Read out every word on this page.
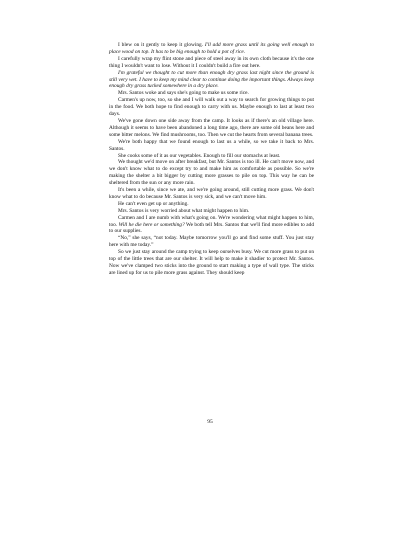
I blew on it gently to keep it glowing. I'll add more grass until its going well enough to place wood on top. It has to be big enough to hold a pot of rice.

I carefully wrap my flint stone and piece of steel away in its own cloth because it's the one thing I wouldn't want to lose. Without it I couldn't build a fire out here.

I'm grateful we thought to cut more than enough dry grass last night since the ground is still very wet. I have to keep my mind clear to continue doing the important things. Always keep enough dry grass tucked somewhere in a dry place.

Mrs. Santos woke and says she's going to make us some rice.

Carmen's up now, too, so she and I will walk out a way to search for growing things to put in the food. We both hope to find enough to carry with us. Maybe enough to last at least two days.

We've gone down one side away from the camp. It looks as if there's an old village here. Although it seems to have been abandoned a long time ago, there are some old beans here and some bitter melons. We find mushrooms, too. Then we cut the hearts from several banana trees.

We're both happy that we found enough to last us a while, so we take it back to Mrs. Santos.

She cooks some of it as our vegetables. Enough to fill our stomachs at least.

We thought we'd move on after breakfast, but Mr. Santos is too ill. He can't move now, and we don't know what to do except try to and make him as comfortable as possible. So we're making the shelter a bit bigger by cutting more grasses to pile on top. This way he can be sheltered from the sun or any more rain.

It's been a while, since we ate, and we're going around, still cutting more grass. We don't know what to do because Mr. Santos is very sick, and we can't move him.

He can't even get up or anything.

Mrs. Santos is very worried about what might happen to him.

Carmen and I are numb with what's going on. We're wondering what might happen to him, too. Will he die here or something? We both tell Mrs. Santos that we'll find more edibles to add to our supplies.

“No,” she says, “not today. Maybe tomorrow you'll go and find some stuff. You just stay here with me today.”

So we just stay around the camp trying to keep ourselves busy. We cut more grass to put on top of the little trees that are our shelter. It will help to make it shadier to protect Mr. Santos. Now we've clamped two sticks into the ground to start making a type of wall type. The sticks are lined up for us to pile more grass against. They should keep

95
